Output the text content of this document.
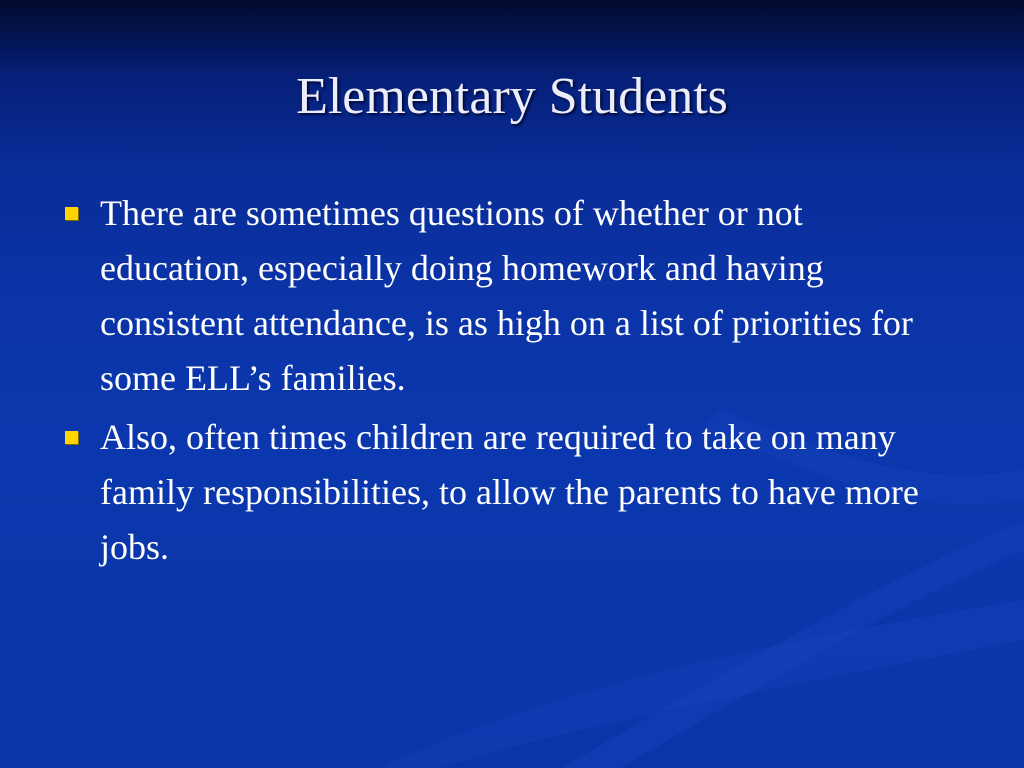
Elementary Students
There are sometimes questions of whether or not education, especially doing homework and having consistent attendance, is as high on a list of priorities for some ELL’s families.
Also, often times children are required to take on many family responsibilities, to allow the parents to have more jobs.
